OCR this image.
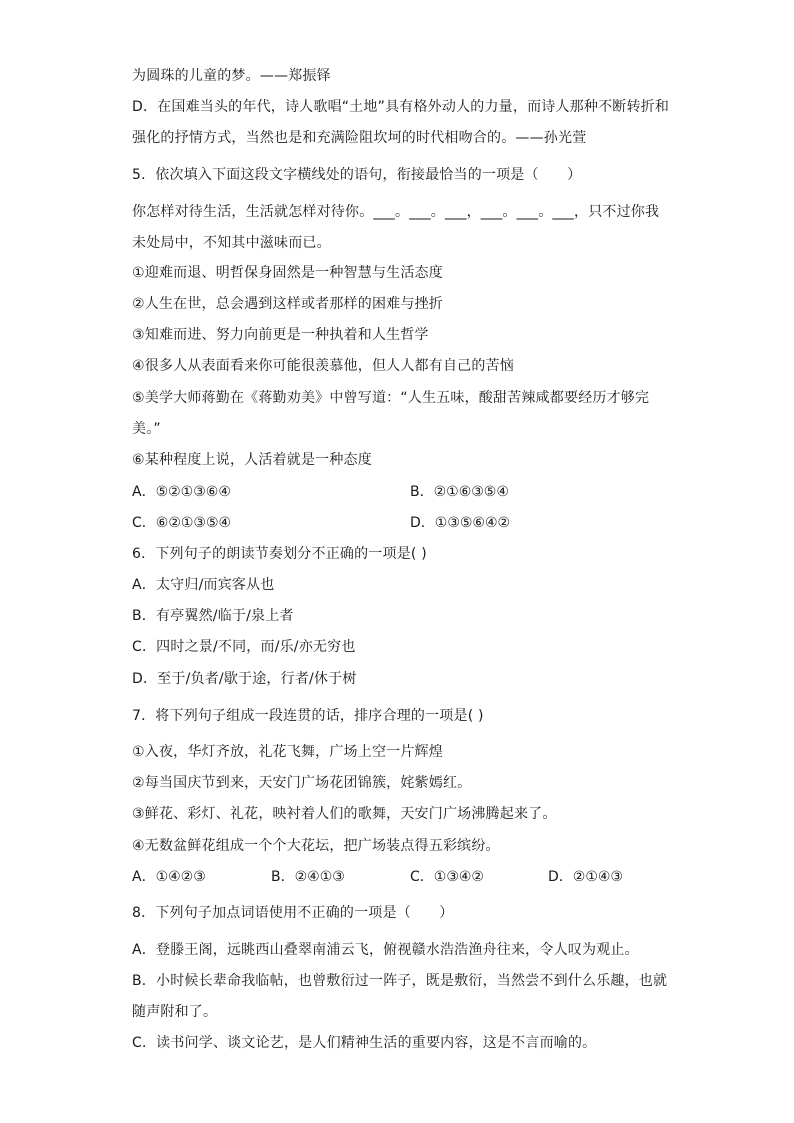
为圆珠的儿童的梦。——郑振铎
D．在国难当头的年代，诗人歌唱“土地”具有格外动人的力量，而诗人那种不断转折和
强化的抒情方式，当然也是和充满险阻坎坷的时代相吻合的。——孙光萱
5．依次填入下面这段文字横线处的语句，衔接最恰当的一项是（　　）
你怎样对待生活，生活就怎样对待你。___。___。___，___。___。___，只不过你我
未处局中，不知其中滋味而已。
①迎难而退、明哲保身固然是一种智慧与生活态度
②人生在世，总会遇到这样或者那样的困难与挫折
③知难而进、努力向前更是一种执着和人生哲学
④很多人从表面看来你可能很羡慕他，但人人都有自己的苦恼
⑤美学大师蒋勤在《蒋勤劝美》中曾写道：“人生五味，酸甜苦辣咸都要经历才够完
美。”
⑥某种程度上说，人活着就是一种态度
A．⑤②①③⑥④	B．②①⑥③⑤④
C．⑥②①③⑤④	D．①③⑤⑥④②
6．下列句子的朗读节奏划分不正确的一项是( )
A．太守归/而宾客从也
B．有亭翼然/临于/泉上者
C．四时之景/不同，而/乐/亦无穷也
D．至于/负者/歇于途，行者/休于树
7．将下列句子组成一段连贯的话，排序合理的一项是( )
①入夜，华灯齐放，礼花飞舞，广场上空一片辉煌
②每当国庆节到来，天安门广场花团锦簇，姹紫嫣红。
③鲜花、彩灯、礼花，映衬着人们的歌舞，天安门广场沸腾起来了。
④无数盆鲜花组成一个个大花坛，把广场装点得五彩缤纷。
A．①④②③	B．②④①③	C．①③④②	D．②①④③
8．下列句子加点词语使用不正确的一项是（　　）
A．登滕王阁，远眺西山叠翠南浦云飞，俯视赣水浩浩渔舟往来，令人叹为观止。
B．小时候长辈命我临帖，也曾敷衍过一阵子，既是敷衍，当然尝不到什么乐趣，也就
随声附和了。
C．读书问学、谈文论艺，是人们精神生活的重要内容，这是不言而喻的。
